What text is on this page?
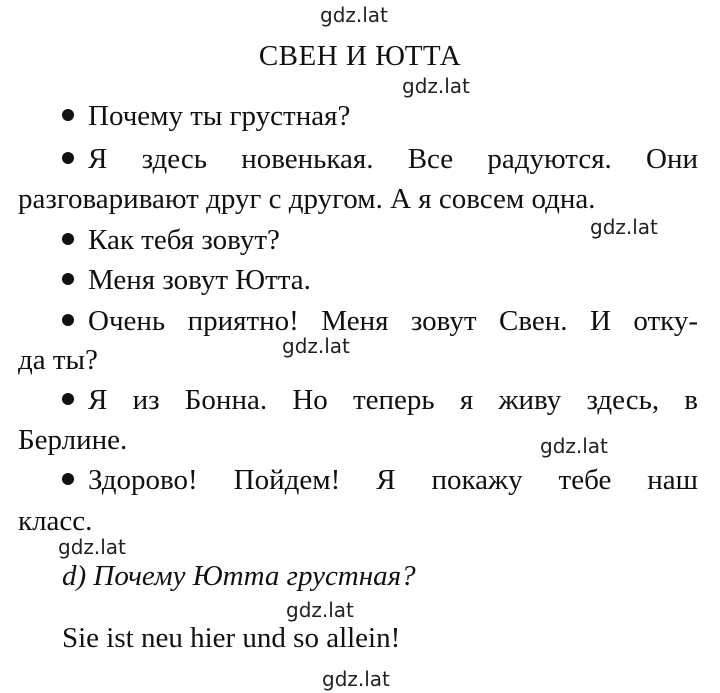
gdz.lat
gdz.lat
gdz.lat
gdz.lat
gdz.lat
gdz.lat
gdz.lat
gdz.lat
СВЕН И ЮТТА
Почему ты грустная?
Я здесь новенькая. Все радуются. Они
разговаривают друг с другом. А я совсем одна.
Как тебя зовут?
Меня зовут Ютта.
Очень приятно! Меня зовут Свен. И отку-
да ты?
Я из Бонна. Но теперь я живу здесь, в
Берлине.
Здорово! Пойдем! Я покажу тебе наш
класс.
d) Почему Ютта грустная?
Sie ist neu hier und so allein!
